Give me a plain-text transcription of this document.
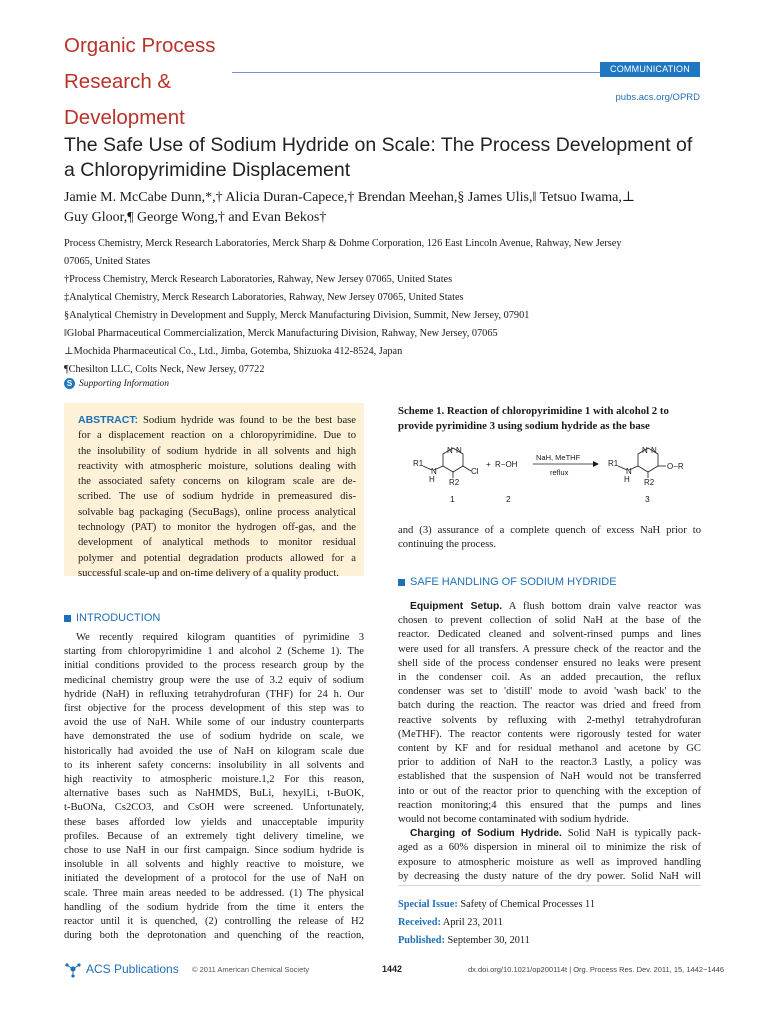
Organic Process
Research &
Development
COMMUNICATION
pubs.acs.org/OPRD
The Safe Use of Sodium Hydride on Scale: The Process Development of
a Chloropyrimidine Displacement
Jamie M. McCabe Dunn,*,† Alicia Duran-Capece,† Brendan Meehan,§ James Ulis,‖ Tetsuo Iwama,⊥
Guy Gloor,¶ George Wong,† and Evan Bekos†
Process Chemistry, Merck Research Laboratories, Merck Sharp & Dohme Corporation, 126 East Lincoln Avenue, Rahway, New Jersey
07065, United States
†Process Chemistry, Merck Research Laboratories, Rahway, New Jersey 07065, United States
‡Analytical Chemistry, Merck Research Laboratories, Rahway, New Jersey 07065, United States
§Analytical Chemistry in Development and Supply, Merck Manufacturing Division, Summit, New Jersey, 07901
‖Global Pharmaceutical Commercialization, Merck Manufacturing Division, Rahway, New Jersey, 07065
⊥Mochida Pharmaceutical Co., Ltd., Jimba, Gotemba, Shizuoka 412-8524, Japan
¶Chesilton LLC, Colts Neck, New Jersey, 07722
S Supporting Information
ABSTRACT: Sodium hydride was found to be the best base
for a displacement reaction on a chloropyrimidine. Due to
the insolubility of sodium hydride in all solvents and high
reactivity with atmospheric moisture, solutions dealing with
the associated safety concerns on kilogram scale are de-
scribed. The use of sodium hydride in premeasured dis-
solvable bag packaging (SecuBags), online process analytical
technology (PAT) to monitor the hydrogen off-gas, and the
development of analytical methods to monitor residual
polymer and potential degradation products allowed for a
successful scale-up and on-time delivery of a quality product.
INTRODUCTION
We recently required kilogram quantities of pyrimidine 3
starting from chloropyrimidine 1 and alcohol 2 (Scheme 1). The
initial conditions provided to the process research group by the
medicinal chemistry group were the use of 3.2 equiv of sodium
hydride (NaH) in refluxing tetrahydrofuran (THF) for 24 h. Our
first objective for the process development of this step was to
avoid the use of NaH. While some of our industry counterparts
have demonstrated the use of sodium hydride on scale, we
historically had avoided the use of NaH on kilogram scale due
to its inherent safety concerns: insolubility in all solvents and
high reactivity to atmospheric moisture.1,2 For this reason,
alternative bases such as NaHMDS, BuLi, hexylLi, t-BuOK,
t-BuONa, Cs2CO3, and CsOH were screened. Unfortunately,
these bases afforded low yields and unacceptable impurity
profiles. Because of an extremely tight delivery timeline, we
chose to use NaH in our first campaign. Since sodium hydride is
insoluble in all solvents and highly reactive to moisture, we
initiated the development of a protocol for the use of NaH on
scale. Three main areas needed to be addressed. (1) The physical
handling of the sodium hydride from the time it enters the
reactor until it is quenched, (2) controlling the release of H2
during both the deprotonation and quenching of the reaction,
Scheme 1. Reaction of chloropyrimidine 1 with alcohol 2 to
provide pyrimidine 3 using sodium hydride as the base
N N
R1
N
H
Cl
R2
1
+ R−OH
2
NaH, MeTHF
reflux
N N
R1
N
H
O−R
R2
3
and (3) assurance of a complete quench of excess NaH prior to
continuing the process.
SAFE HANDLING OF SODIUM HYDRIDE
Equipment Setup. A flush bottom drain valve reactor was
chosen to prevent collection of solid NaH at the base of the
reactor. Dedicated cleaned and solvent-rinsed pumps and lines
were used for all transfers. A pressure check of the reactor and the
shell side of the process condenser ensured no leaks were present
in the condenser coil. As an added precaution, the reflux
condenser was set to 'distill' mode to avoid 'wash back' to the
batch during the reaction. The reactor was dried and freed from
reactive solvents by refluxing with 2-methyl tetrahydrofuran
(MeTHF). The reactor contents were rigorously tested for water
content by KF and for residual methanol and acetone by GC
prior to addition of NaH to the reactor.3 Lastly, a policy was
established that the suspension of NaH would not be transferred
into or out of the reactor prior to quenching with the exception of
reaction monitoring;4 this ensured that the pumps and lines
would not become contaminated with sodium hydride.
Charging of Sodium Hydride. Solid NaH is typically pack-
aged as a 60% dispersion in mineral oil to minimize the risk of
exposure to atmospheric moisture as well as improved handling
by decreasing the dusty nature of the dry power. Solid NaH will
Special Issue: Safety of Chemical Processes 11
Received: April 23, 2011
Published: September 30, 2011
ACS Publications © 2011 American Chemical Society	1442	dx.doi.org/10.1021/op200114t | Org. Process Res. Dev. 2011, 15, 1442−1446
